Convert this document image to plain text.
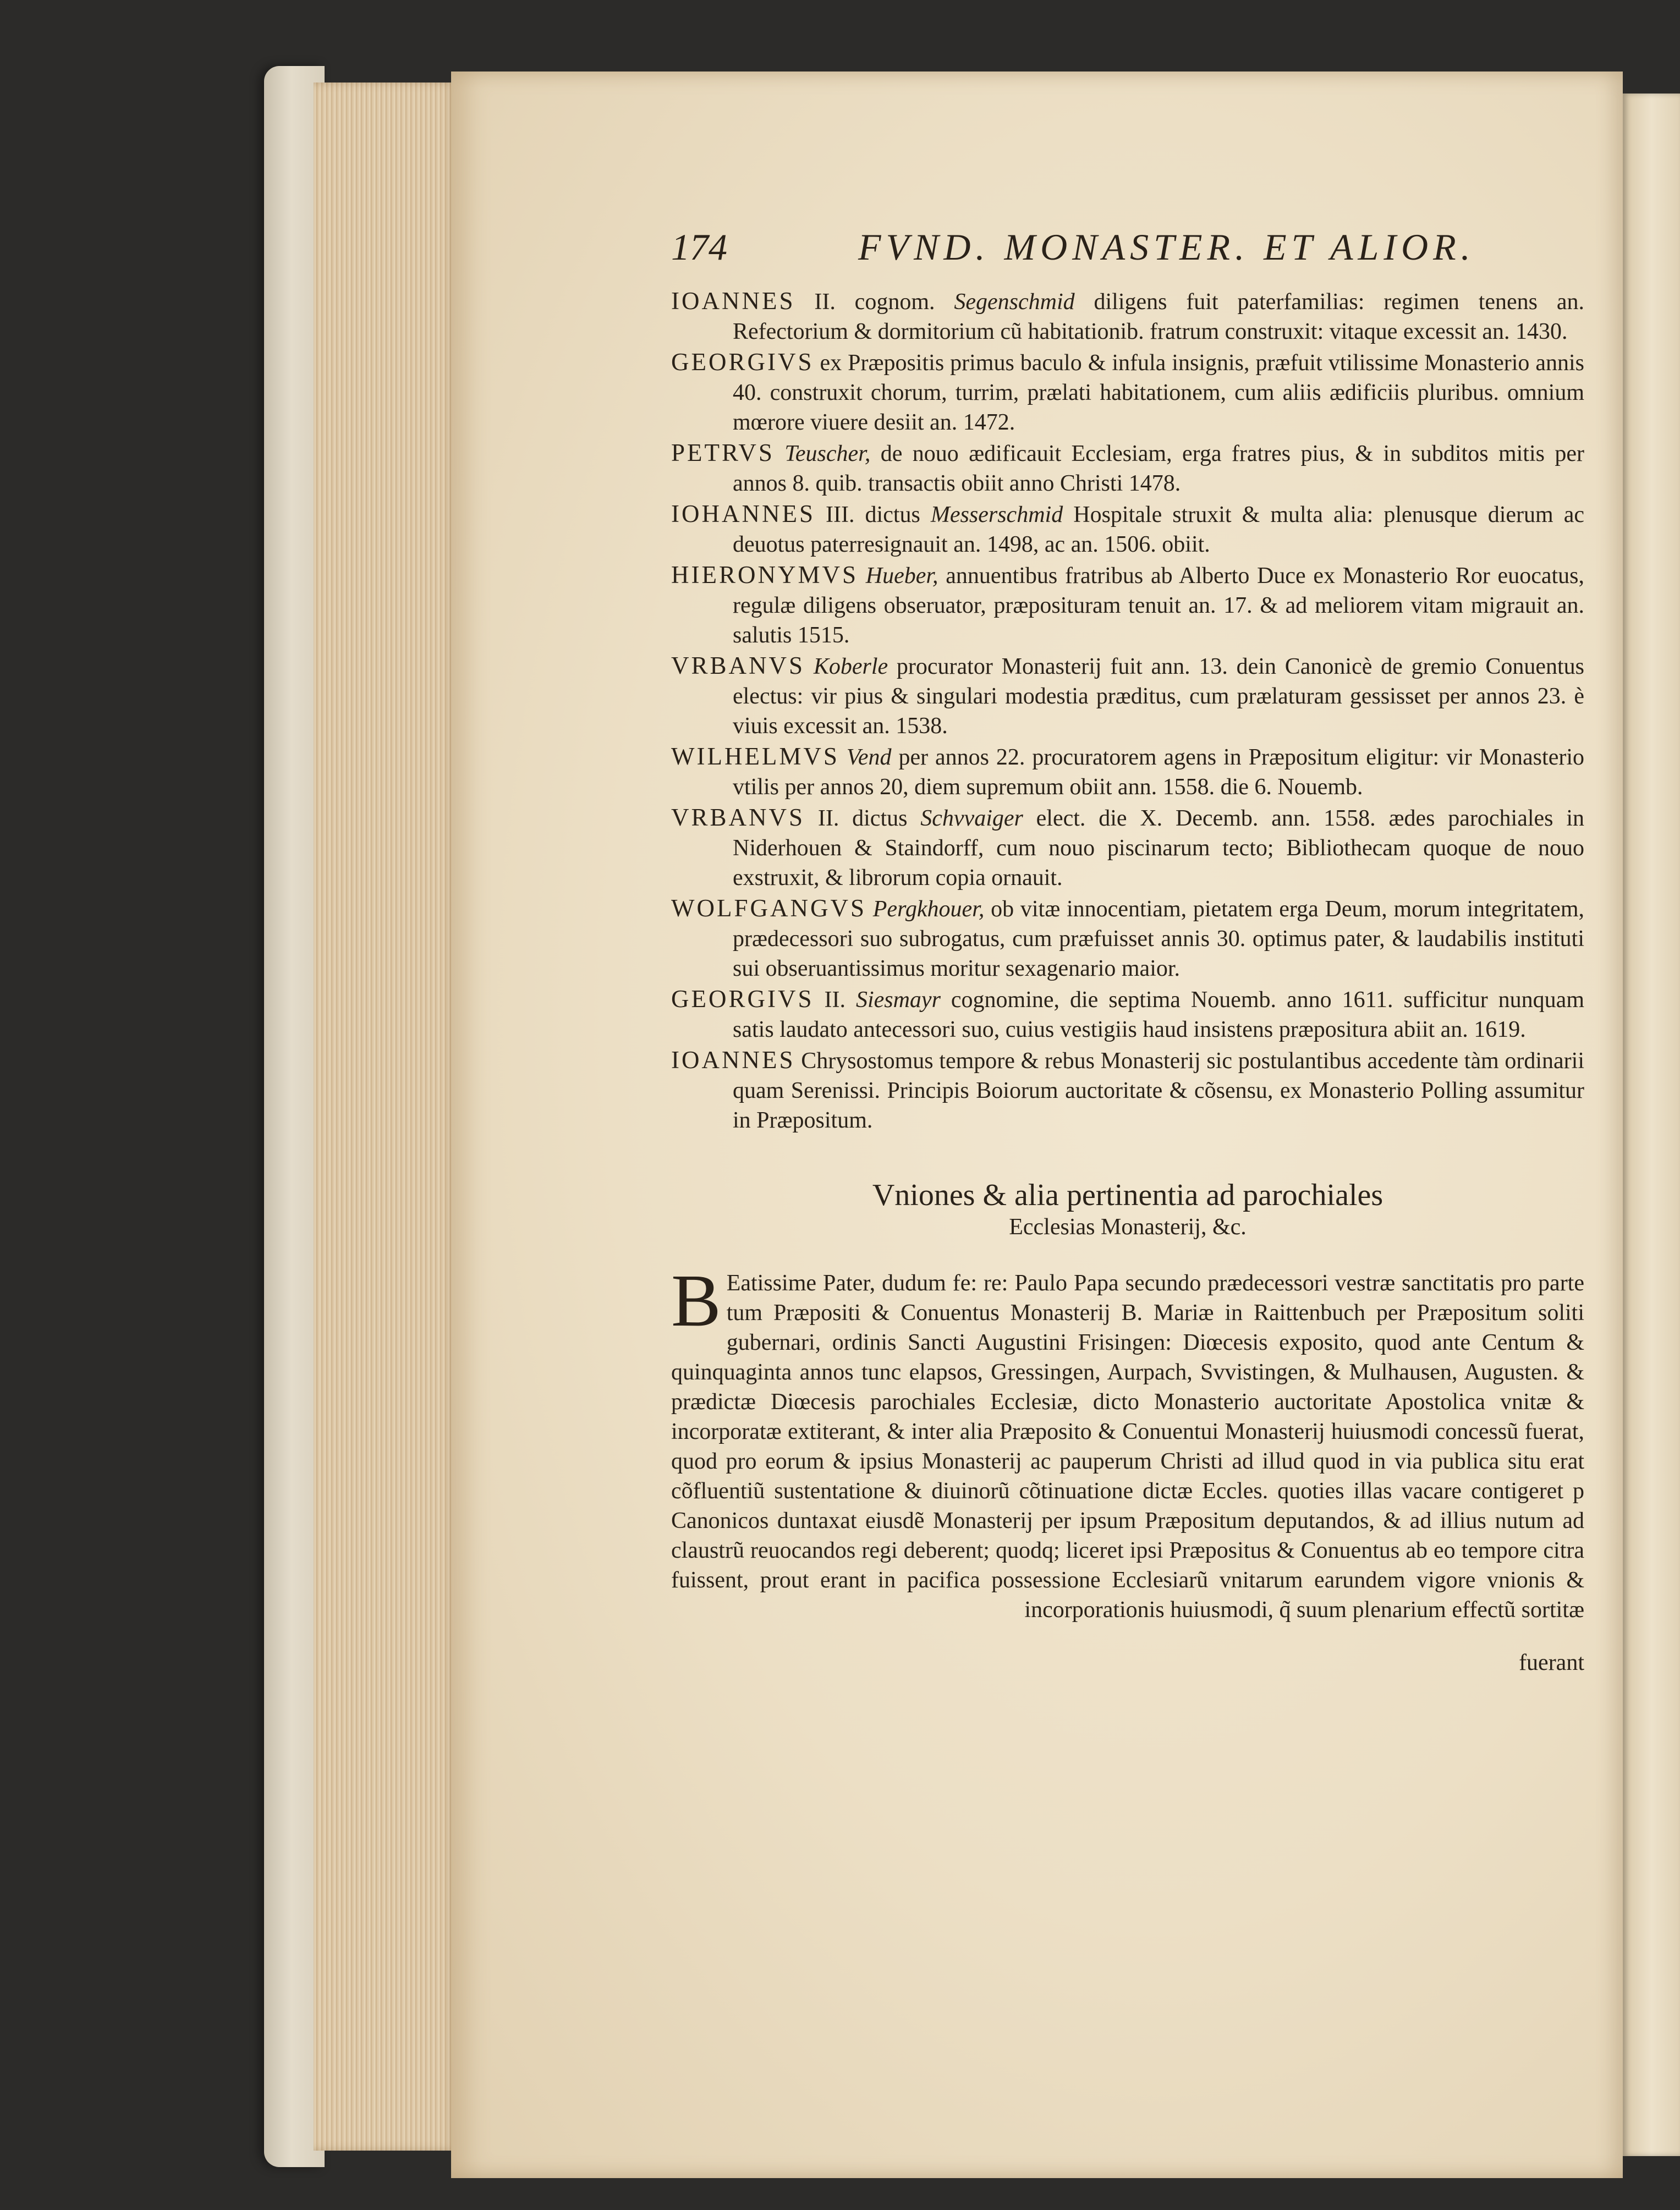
174	FVND. MONASTER. ET ALIOR.

IOANNES II. cognom. Segenschmid diligens fuit paterfamilias: regimen tenens an. Refectorium & dormitorium cũ habitationib. fratrum construxit: vitaque excessit an. 1430.

GEORGIVS ex Præpositis primus baculo & infula insignis, præfuit vtilissime Monasterio annis 40. construxit chorum, turrim, prælati habitationem, cum aliis ædificiis pluribus. omnium mœrore viuere desiit an. 1472.

PETRVS Teuscher, de nouo ædificauit Ecclesiam, erga fratres pius, & in subditos mitis per annos 8. quib. transactis obiit anno Christi 1478.

IOHANNES III. dictus Messerschmid Hospitale struxit & multa alia: plenusque dierum ac deuotus paterresignauit an. 1498, ac an. 1506. obiit.

HIERONYMVS Hueber, annuentibus fratribus ab Alberto Duce ex Monasterio Ror euocatus, regulæ diligens obseruator, præposituram tenuit an. 17. & ad meliorem vitam migrauit an. salutis 1515.

VRBANVS Koberle procurator Monasterij fuit ann. 13. dein Canonicè de gremio Conuentus electus: vir pius & singulari modestia præditus, cum prælaturam gessisset per annos 23. è viuis excessit an. 1538.

WILHELMVS Vend per annos 22. procuratorem agens in Præpositum eligitur: vir Monasterio vtilis per annos 20, diem supremum obiit ann. 1558. die 6. Nouemb.

VRBANVS II. dictus Schvvaiger elect. die X. Decemb. ann. 1558. ædes parochiales in Niderhouen & Staindorff, cum nouo piscinarum tecto; Bibliothecam quoque de nouo exstruxit, & librorum copia ornauit.

WOLFGANGVS Pergkhouer, ob vitæ innocentiam, pietatem erga Deum, morum integritatem, prædecessori suo subrogatus, cum præfuisset annis 30. optimus pater, & laudabilis instituti sui obseruantissimus moritur sexagenario maior.

GEORGIVS II. Siesmayr cognomine, die septima Nouemb. anno 1611. sufficitur nunquam satis laudato antecessori suo, cuius vestigiis haud insistens præpositura abiit an. 1619.

IOANNES Chrysostomus tempore & rebus Monasterij sic postulantibus accedente tàm ordinarii quam Serenissi. Principis Boiorum auctoritate & cõsensu, ex Monasterio Polling assumitur in Præpositum.

Vniones & alia pertinentia ad parochiales
Ecclesias Monasterij, &c.

B Eatissime Pater, dudum fe: re: Paulo Papa secundo prædecessori vestræ sanctitatis pro parte tum Præpositi & Conuentus Monasterij B. Mariæ in Raittenbuch per Præpositum soliti gubernari, ordinis Sancti Augustini Frisingen: Diœcesis exposito, quod ante Centum & quinquaginta annos tunc elapsos, Gressingen, Aurpach, Svvistingen, & Mulhausen, Augusten. & prædictæ Diœcesis parochiales Ecclesiæ, dicto Monasterio auctoritate Apostolica vnitæ & incorporatæ extiterant, & inter alia Præposito & Conuentui Monasterij huiusmodi concessũ fuerat, quod pro eorum & ipsius Monasterij ac pauperum Christi ad illud quod in via publica situ erat cõfluentiũ sustentatione & diuinorũ cõtinuatione dictæ Eccles. quoties illas vacare contigeret p Canonicos duntaxat eiusdẽ Monasterij per ipsum Præpositum deputandos, & ad illius nutum ad claustrũ reuocandos regi deberent; quodq; liceret ipsi Præpositus & Conuentus ab eo tempore citra fuissent, prout erant in pacifica possessione Ecclesiarũ vnitarum earundem vigore vnionis & incorporationis huiusmodi, q̃ suum plenarium effectũ sortitæ

fuerant
